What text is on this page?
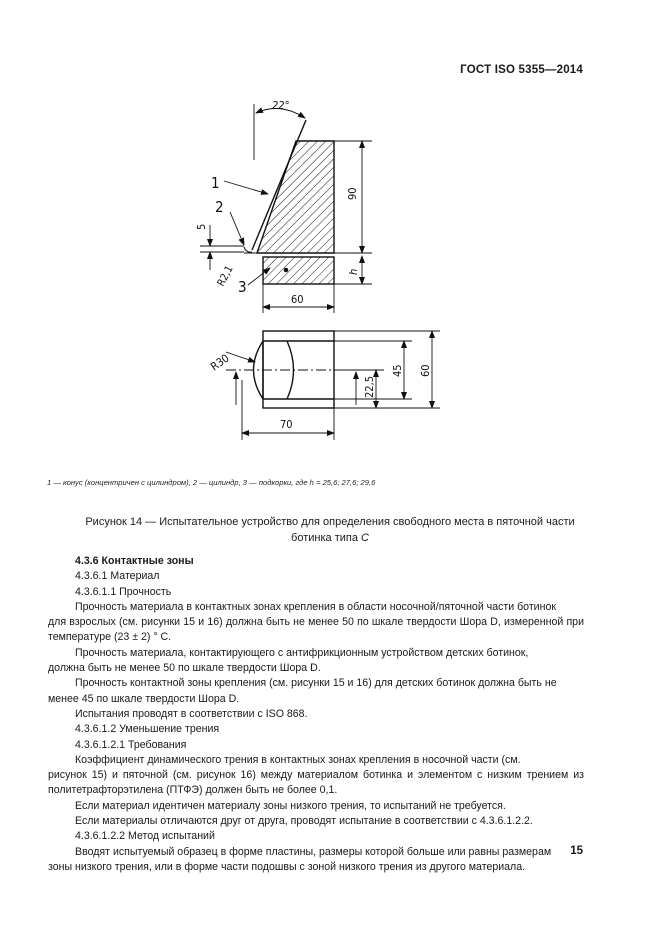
ГОСТ ISO 5355—2014
22°
90
h
60
5
R2,1
1
2
3
R30
22,5
45 60
70
1 — конус (концентричен с цилиндром), 2 — цилиндр, 3 — подкорки, где h = 25,6; 27,6; 29,6
Рисунок 14 — Испытательное устройство для определения свободного места в пяточной части
ботинка типа C

4.3.6 Контактные зоны

4.3.6.1 Материал

4.3.6.1.1 Прочность

Прочность материала в контактных зонах крепления в области носочной/пяточной части ботинок

для взрослых (см. рисунки 15 и 16) должна быть не менее 50 по шкале твердости Шора D, измеренной при температуре (23 ± 2) ° С.

Прочность материала, контактирующего с антифрикционным устройством детских ботинок,

должна быть не менее 50 по шкале твердости Шора D.

Прочность контактной зоны крепления (см. рисунки 15 и 16) для детских ботинок должна быть не

менее 45 по шкале твердости Шора D.

Испытания проводят в соответствии с ISO 868.

4.3.6.1.2 Уменьшение трения

4.3.6.1.2.1 Требования

Коэффициент динамического трения в контактных зонах крепления в носочной части (см.

рисунок 15) и пяточной (см. рисунок 16) между материалом ботинка и элементом с низким трением из политетрафторэтилена (ПТФЭ) должен быть не более 0,1.

Если материал идентичен материалу зоны низкого трения, то испытаний не требуется.

Если материалы отличаются друг от друга, проводят испытание в соответствии с 4.3.6.1.2.2.

4.3.6.1.2.2 Метод испытаний

Вводят испытуемый образец в форме пластины, размеры которой больше или равны размерам

зоны низкого трения, или в форме части подошвы с зоной низкого трения из другого материала.

15
